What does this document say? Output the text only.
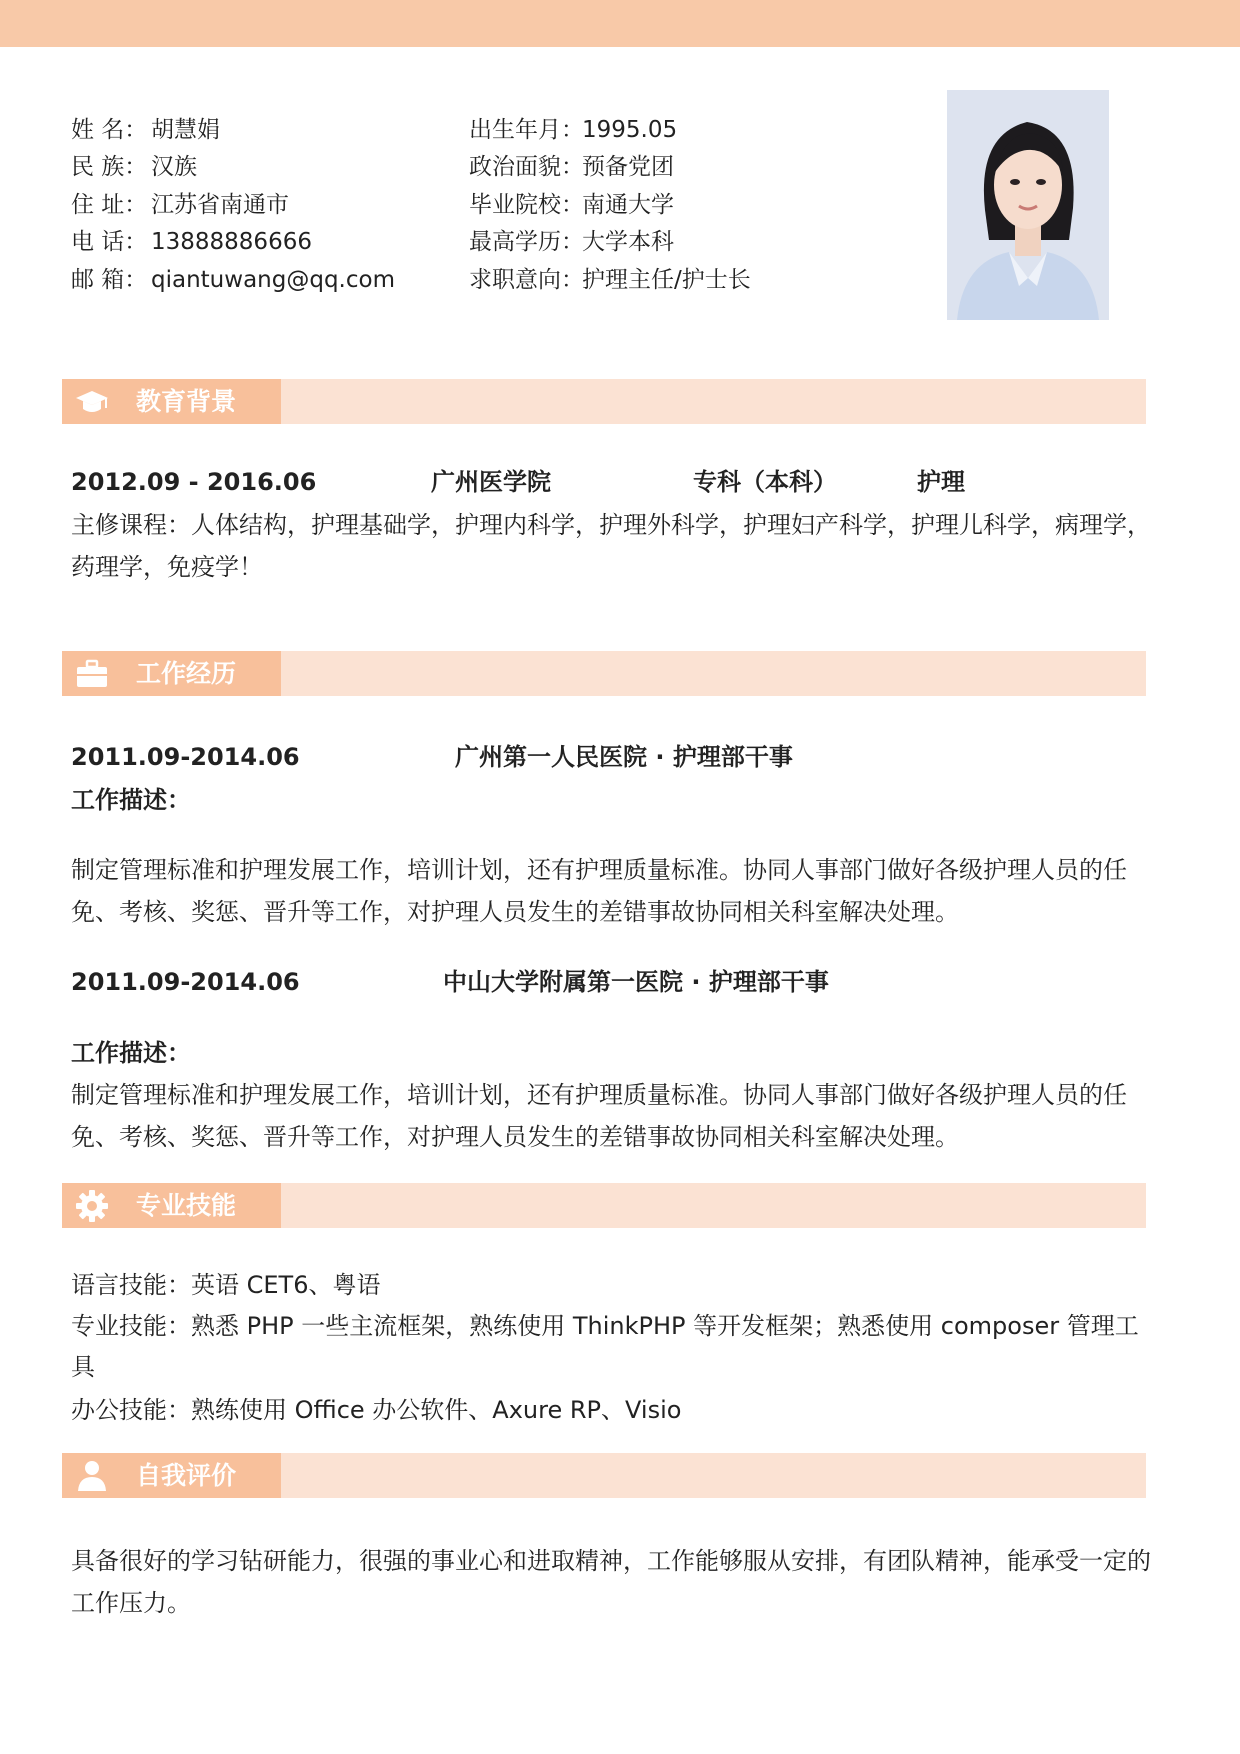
姓 名： 胡慧娟
民 族： 汉族
住 址： 江苏省南通市
电 话： 13888886666
邮 箱： qiantuwang@qq.com
出生年月：1995.05
政治面貌：预备党团
毕业院校：南通大学
最高学历：大学本科
求职意向：护理主任/护士长
教育背景
2012.09 - 2016.06	广州医学院	专科（本科）	护理
主修课程：人体结构，护理基础学，护理内科学，护理外科学，护理妇产科学，护理儿科学，病理学，药理学，免疫学！
工作经历
2011.09-2014.06	广州第一人民医院 · 护理部干事
工作描述：
制定管理标准和护理发展工作，培训计划，还有护理质量标准。协同人事部门做好各级护理人员的任免、考核、奖惩、晋升等工作，对护理人员发生的差错事故协同相关科室解决处理。
2011.09-2014.06	中山大学附属第一医院 · 护理部干事
工作描述：
制定管理标准和护理发展工作，培训计划，还有护理质量标准。协同人事部门做好各级护理人员的任免、考核、奖惩、晋升等工作，对护理人员发生的差错事故协同相关科室解决处理。
专业技能
语言技能：英语 CET6、粤语
专业技能：熟悉 PHP 一些主流框架，熟练使用 ThinkPHP 等开发框架；熟悉使用 composer 管理工具
办公技能：熟练使用 Office 办公软件、Axure RP、Visio
自我评价
具备很好的学习钻研能力，很强的事业心和进取精神，工作能够服从安排，有团队精神，能承受一定的工作压力。
